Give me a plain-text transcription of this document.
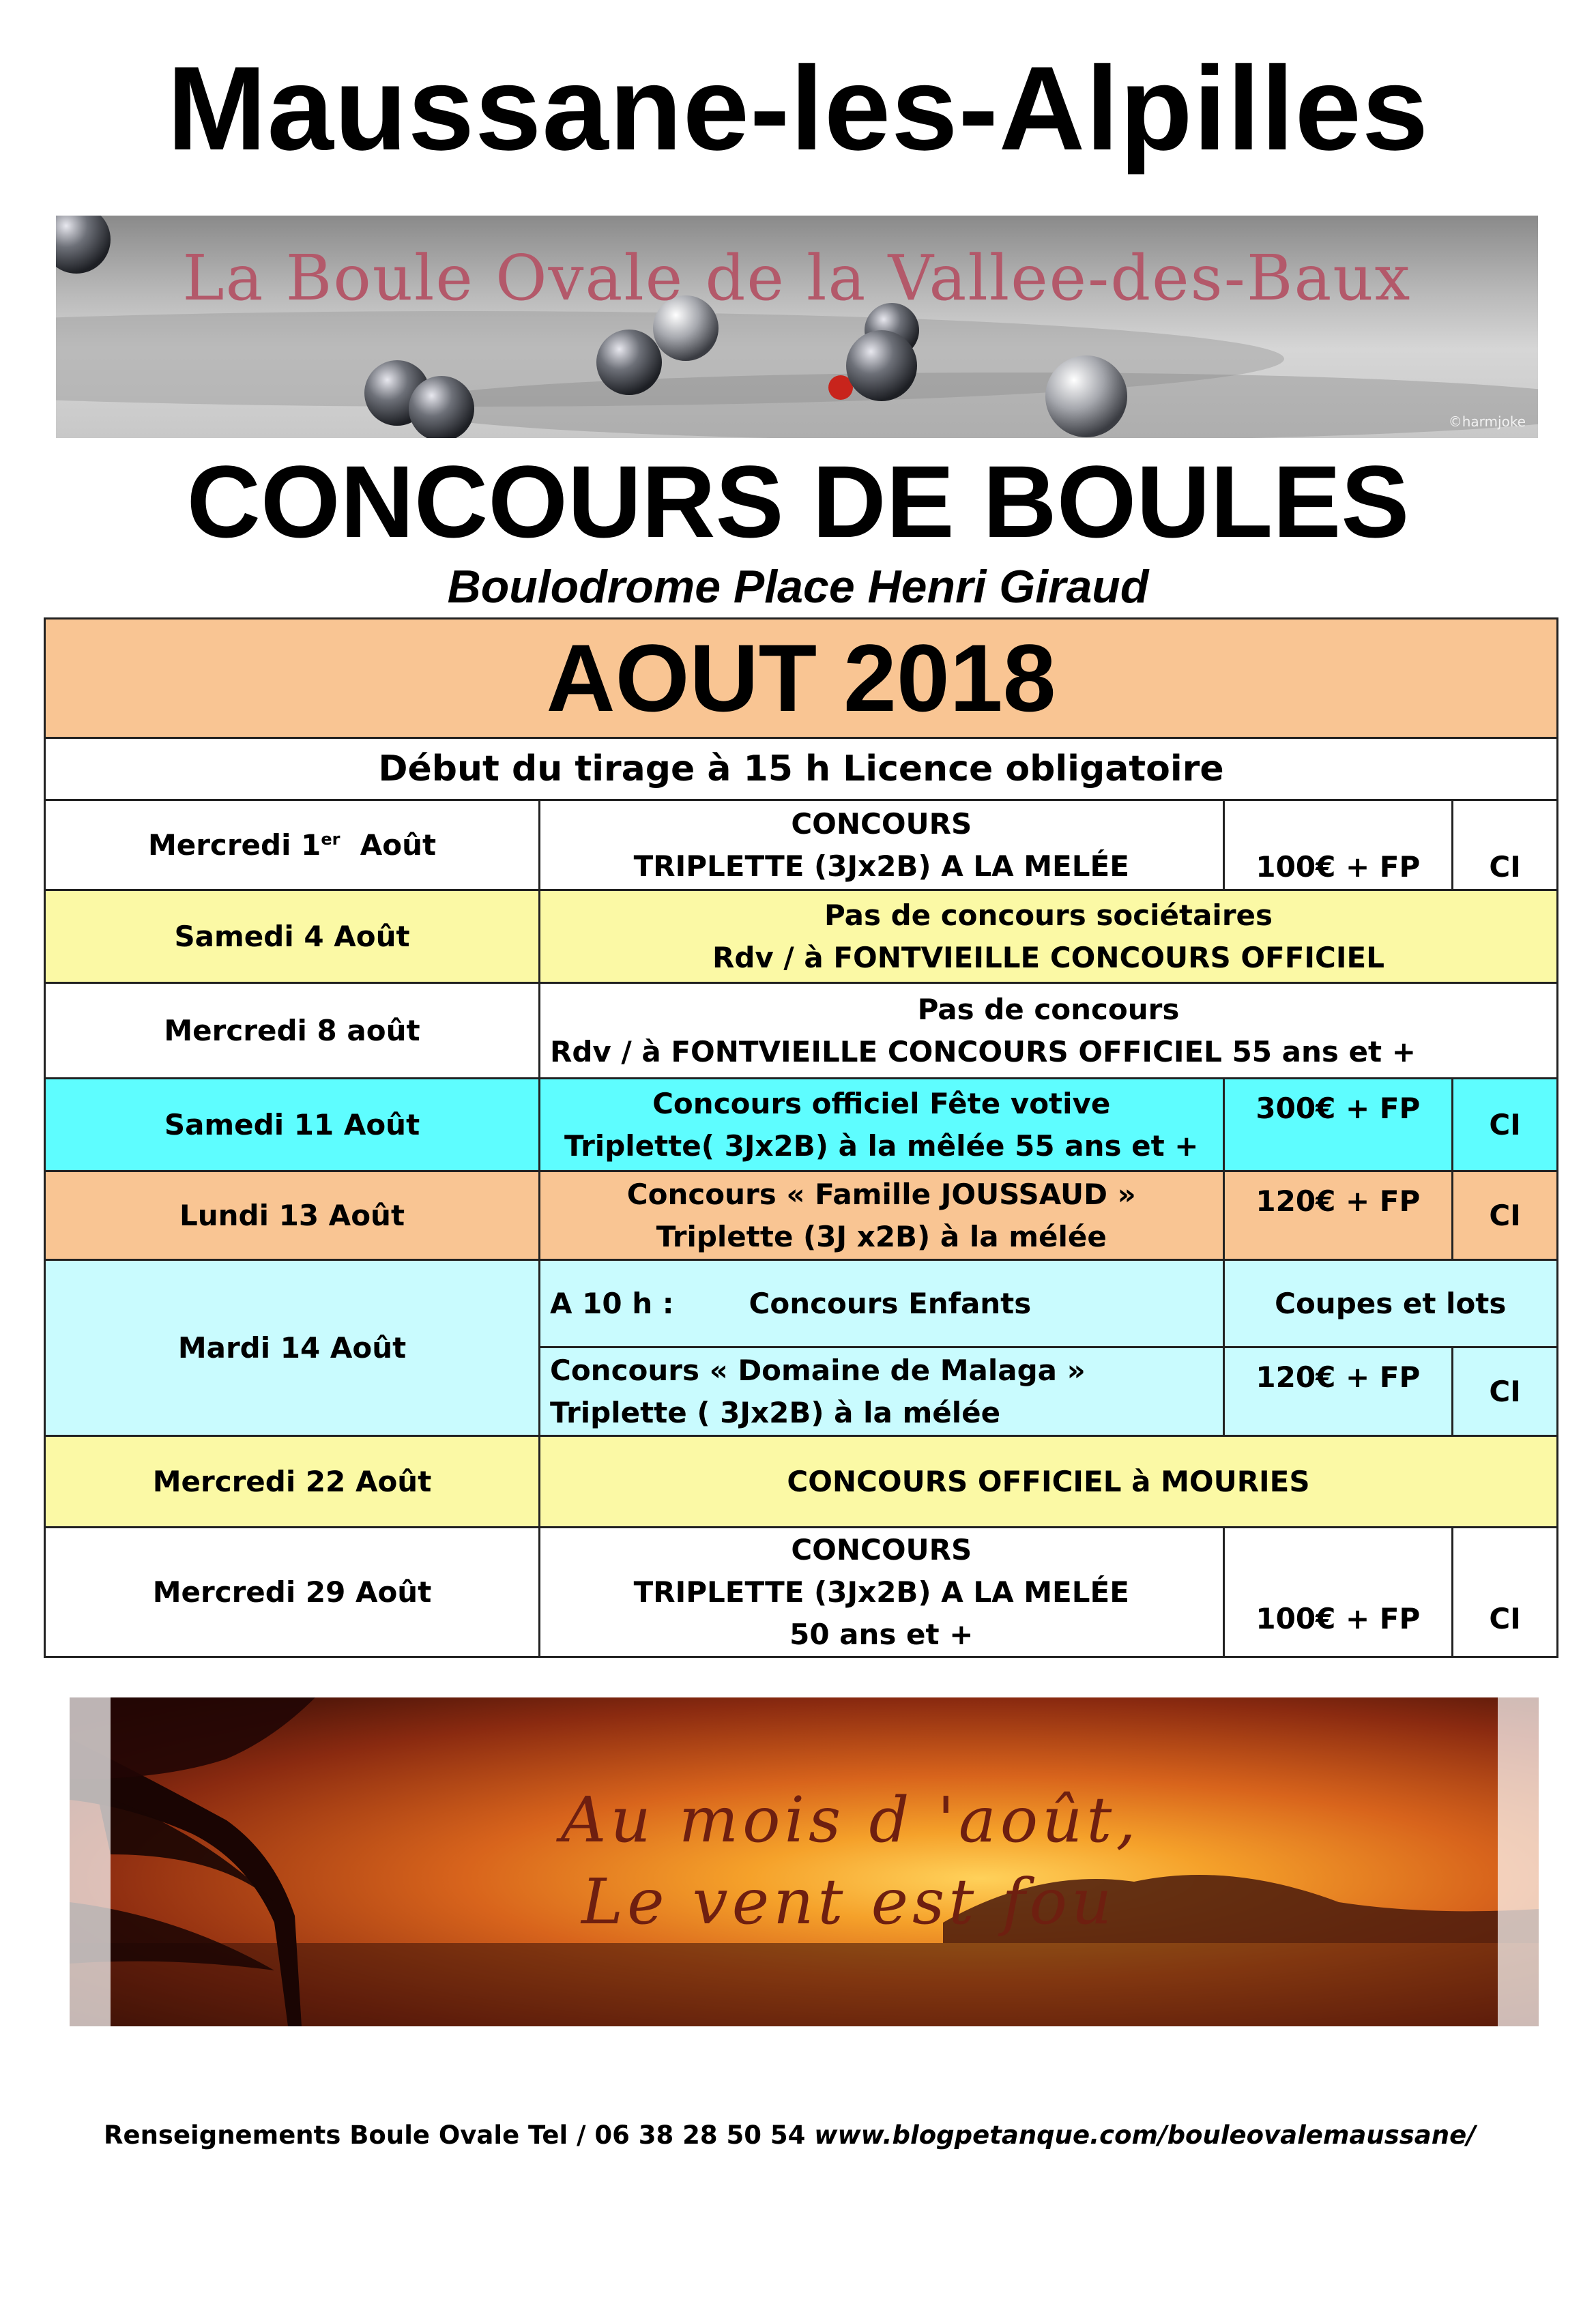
Maussane-les-Alpilles
La Boule Ovale de la Vallee-des-Baux
©harmjoke
CONCOURS DE BOULES
Boulodrome Place Henri Giraud
AOUT 2018			
Début du tirage à 15 h Licence obligatoire			
Mercredi 1er  Août	CONCOURS
TRIPLETTE (3Jx2B) A LA MELÉE	100€ + FP	CI
Samedi 4 Août	Pas de concours sociétaires
Rdv / à FONTVIEILLE CONCOURS OFFICIEL		

Mercredi 8 août	Pas de concours
Rdv / à FONTVIEILLE CONCOURS OFFICIEL 55 ans et +		

Samedi 11 Août	Concours officiel Fête votive
Triplette( 3Jx2B) à la mêlée 55 ans et +	300€ + FP	CI
Lundi 13 Août	Concours « Famille JOUSSAUD »
Triplette (3J x2B) à la mélée	120€ + FP	CI
Mardi 14 Août	A 10 h : Concours Enfants	Coupes et lots	

	Concours « Domaine de Malaga »
Triplette ( 3Jx2B) à la mélée	120€ + FP	CI
Mercredi 22 Août	CONCOURS OFFICIEL à MOURIES		
Mercredi 29 Août	CONCOURS
TRIPLETTE (3Jx2B) A LA MELÉE
50 ans et +	100€ + FP	CI
Au mois d 'août,
Le vent est fou
Renseignements Boule Ovale Tel / 06 38 28 50 54 www.blogpetanque.com/bouleovalemaussane/
